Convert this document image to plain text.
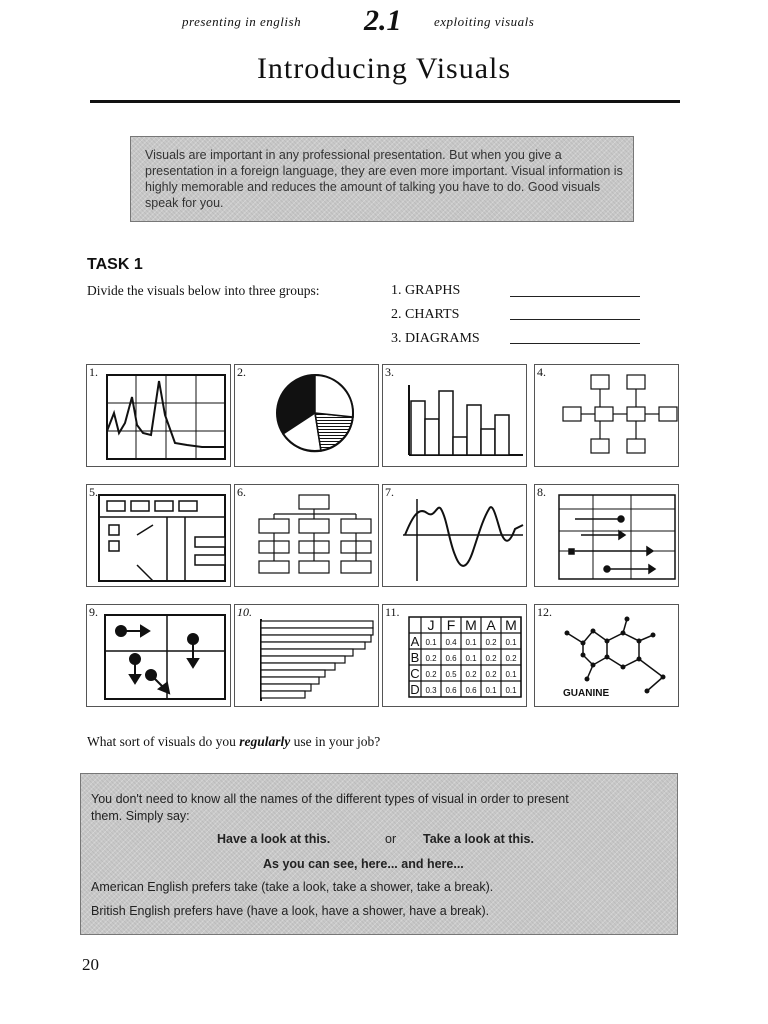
presenting in english 2.1	exploiting visuals
Introducing Visuals
Visuals are important in any professional presentation. But when you give a presentation in a foreign language, they are even more important. Visual information is highly memorable and reduces the amount of talking you have to do. Good visuals speak for you.
TASK 1
Divide the visuals below into three groups:	1. GRAPHS
2. CHARTS
3. DIAGRAMS
1.	2.	3.	4.
5.	6.	7.	8.
9.	10.	11.
J F M A M
A 0.1 0.4 0.1 0.2 0.1
B 0.2 0.6 0.1 0.2 0.2
C 0.2 0.5 0.2 0.2 0.1
D 0.3 0.6 0.6 0.1 0.1
12.
GUANINE
What sort of visuals do you regularly use in your job?
You don't need to know all the names of the different types of visual in order to present
them. Simply say:
Have a look at this.	or Take a look at this.
As you can see, here... and here...
American English prefers take (take a look, take a shower, take a break).
British English prefers have (have a look, have a shower, have a break).
20
